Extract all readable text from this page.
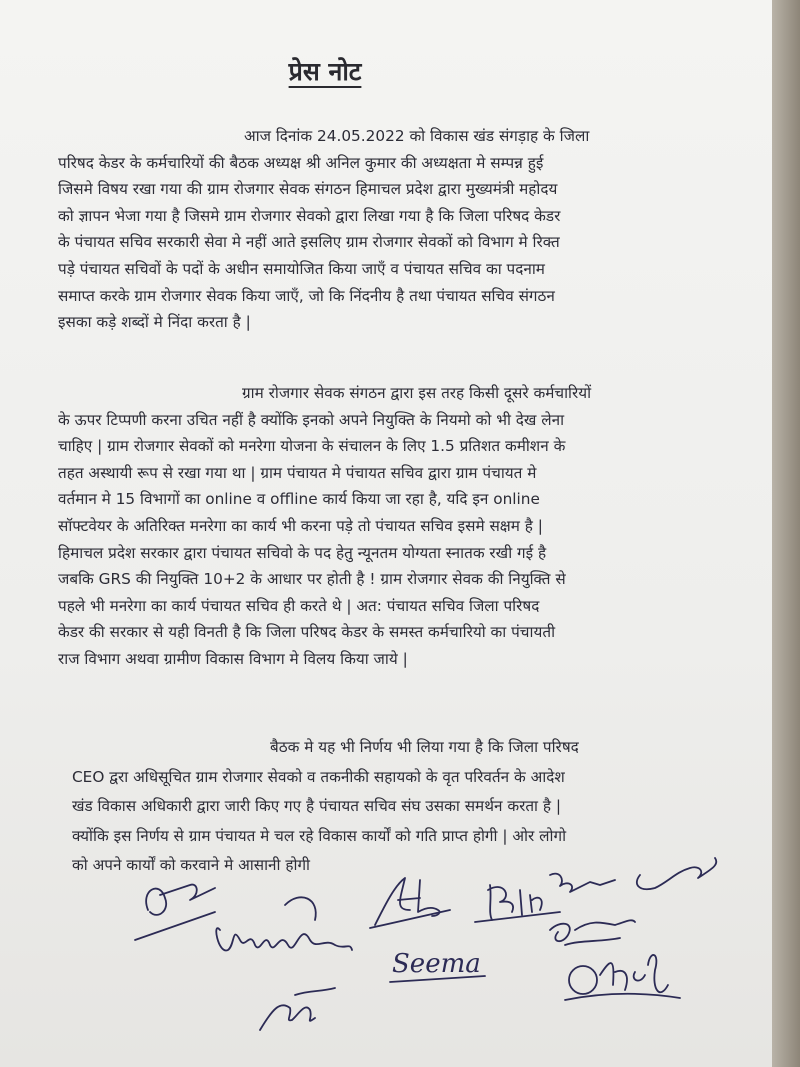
प्रेस नोट
आज दिनांक 24.05.2022 को विकास खंड संगड़ाह के जिला
परिषद केडर के कर्मचारियों की बैठक अध्यक्ष श्री अनिल कुमार की अध्यक्षता मे सम्पन्न हुई
जिसमे विषय रखा गया की ग्राम रोजगार सेवक संगठन हिमाचल प्रदेश द्वारा मुख्यमंत्री महोदय
को ज्ञापन भेजा गया है जिसमे ग्राम रोजगार सेवको द्वारा लिखा गया है कि जिला परिषद केडर
के पंचायत सचिव सरकारी सेवा मे नहीं आते इसलिए ग्राम रोजगार सेवकों को विभाग मे रिक्त
पड़े पंचायत सचिवों के पदों के अधीन समायोजित किया जाएँ व पंचायत सचिव का पदनाम
समाप्त करके ग्राम रोजगार सेवक किया जाएँ, जो कि निंदनीय है तथा पंचायत सचिव संगठन
इसका कड़े शब्दों मे निंदा करता है |
ग्राम रोजगार सेवक संगठन द्वारा इस तरह किसी दूसरे कर्मचारियों
के ऊपर टिप्पणी करना उचित नहीं है क्योंकि इनको अपने नियुक्ति के नियमो को भी देख लेना
चाहिए | ग्राम रोजगार सेवकों को मनरेगा योजना के संचालन के लिए 1.5 प्रतिशत कमीशन के
तहत अस्थायी रूप से रखा गया था | ग्राम पंचायत मे पंचायत सचिव द्वारा ग्राम पंचायत मे
वर्तमान मे 15 विभागों का online व offline कार्य किया जा रहा है, यदि इन online
सॉफ्टवेयर के अतिरिक्त मनरेगा का कार्य भी करना पड़े तो पंचायत सचिव इसमे सक्षम है |
हिमाचल प्रदेश सरकार द्वारा पंचायत सचिवो के पद हेतु न्यूनतम योग्यता स्नातक रखी गई है
जबकि GRS की नियुक्ति 10+2 के आधार पर होती है ! ग्राम रोजगार सेवक की नियुक्ति से
पहले भी मनरेगा का कार्य पंचायत सचिव ही करते थे | अत: पंचायत सचिव जिला परिषद
केडर की सरकार से यही विनती है कि जिला परिषद केडर के समस्त कर्मचारियो का पंचायती
राज विभाग अथवा ग्रामीण विकास विभाग मे विलय किया जाये |
बैठक मे यह भी निर्णय भी लिया गया है कि जिला परिषद
CEO द्वरा अधिसूचित ग्राम रोजगार सेवको व तकनीकी सहायको के वृत परिवर्तन के आदेश
खंड विकास अधिकारी द्वारा जारी किए गए है पंचायत सचिव संघ उसका समर्थन करता है |
क्योंकि इस निर्णय से ग्राम पंचायत मे चल रहे विकास कार्यों को गति प्राप्त होगी | ओर लोगो
को अपने कार्यों को करवाने मे आसानी होगी
Seema
